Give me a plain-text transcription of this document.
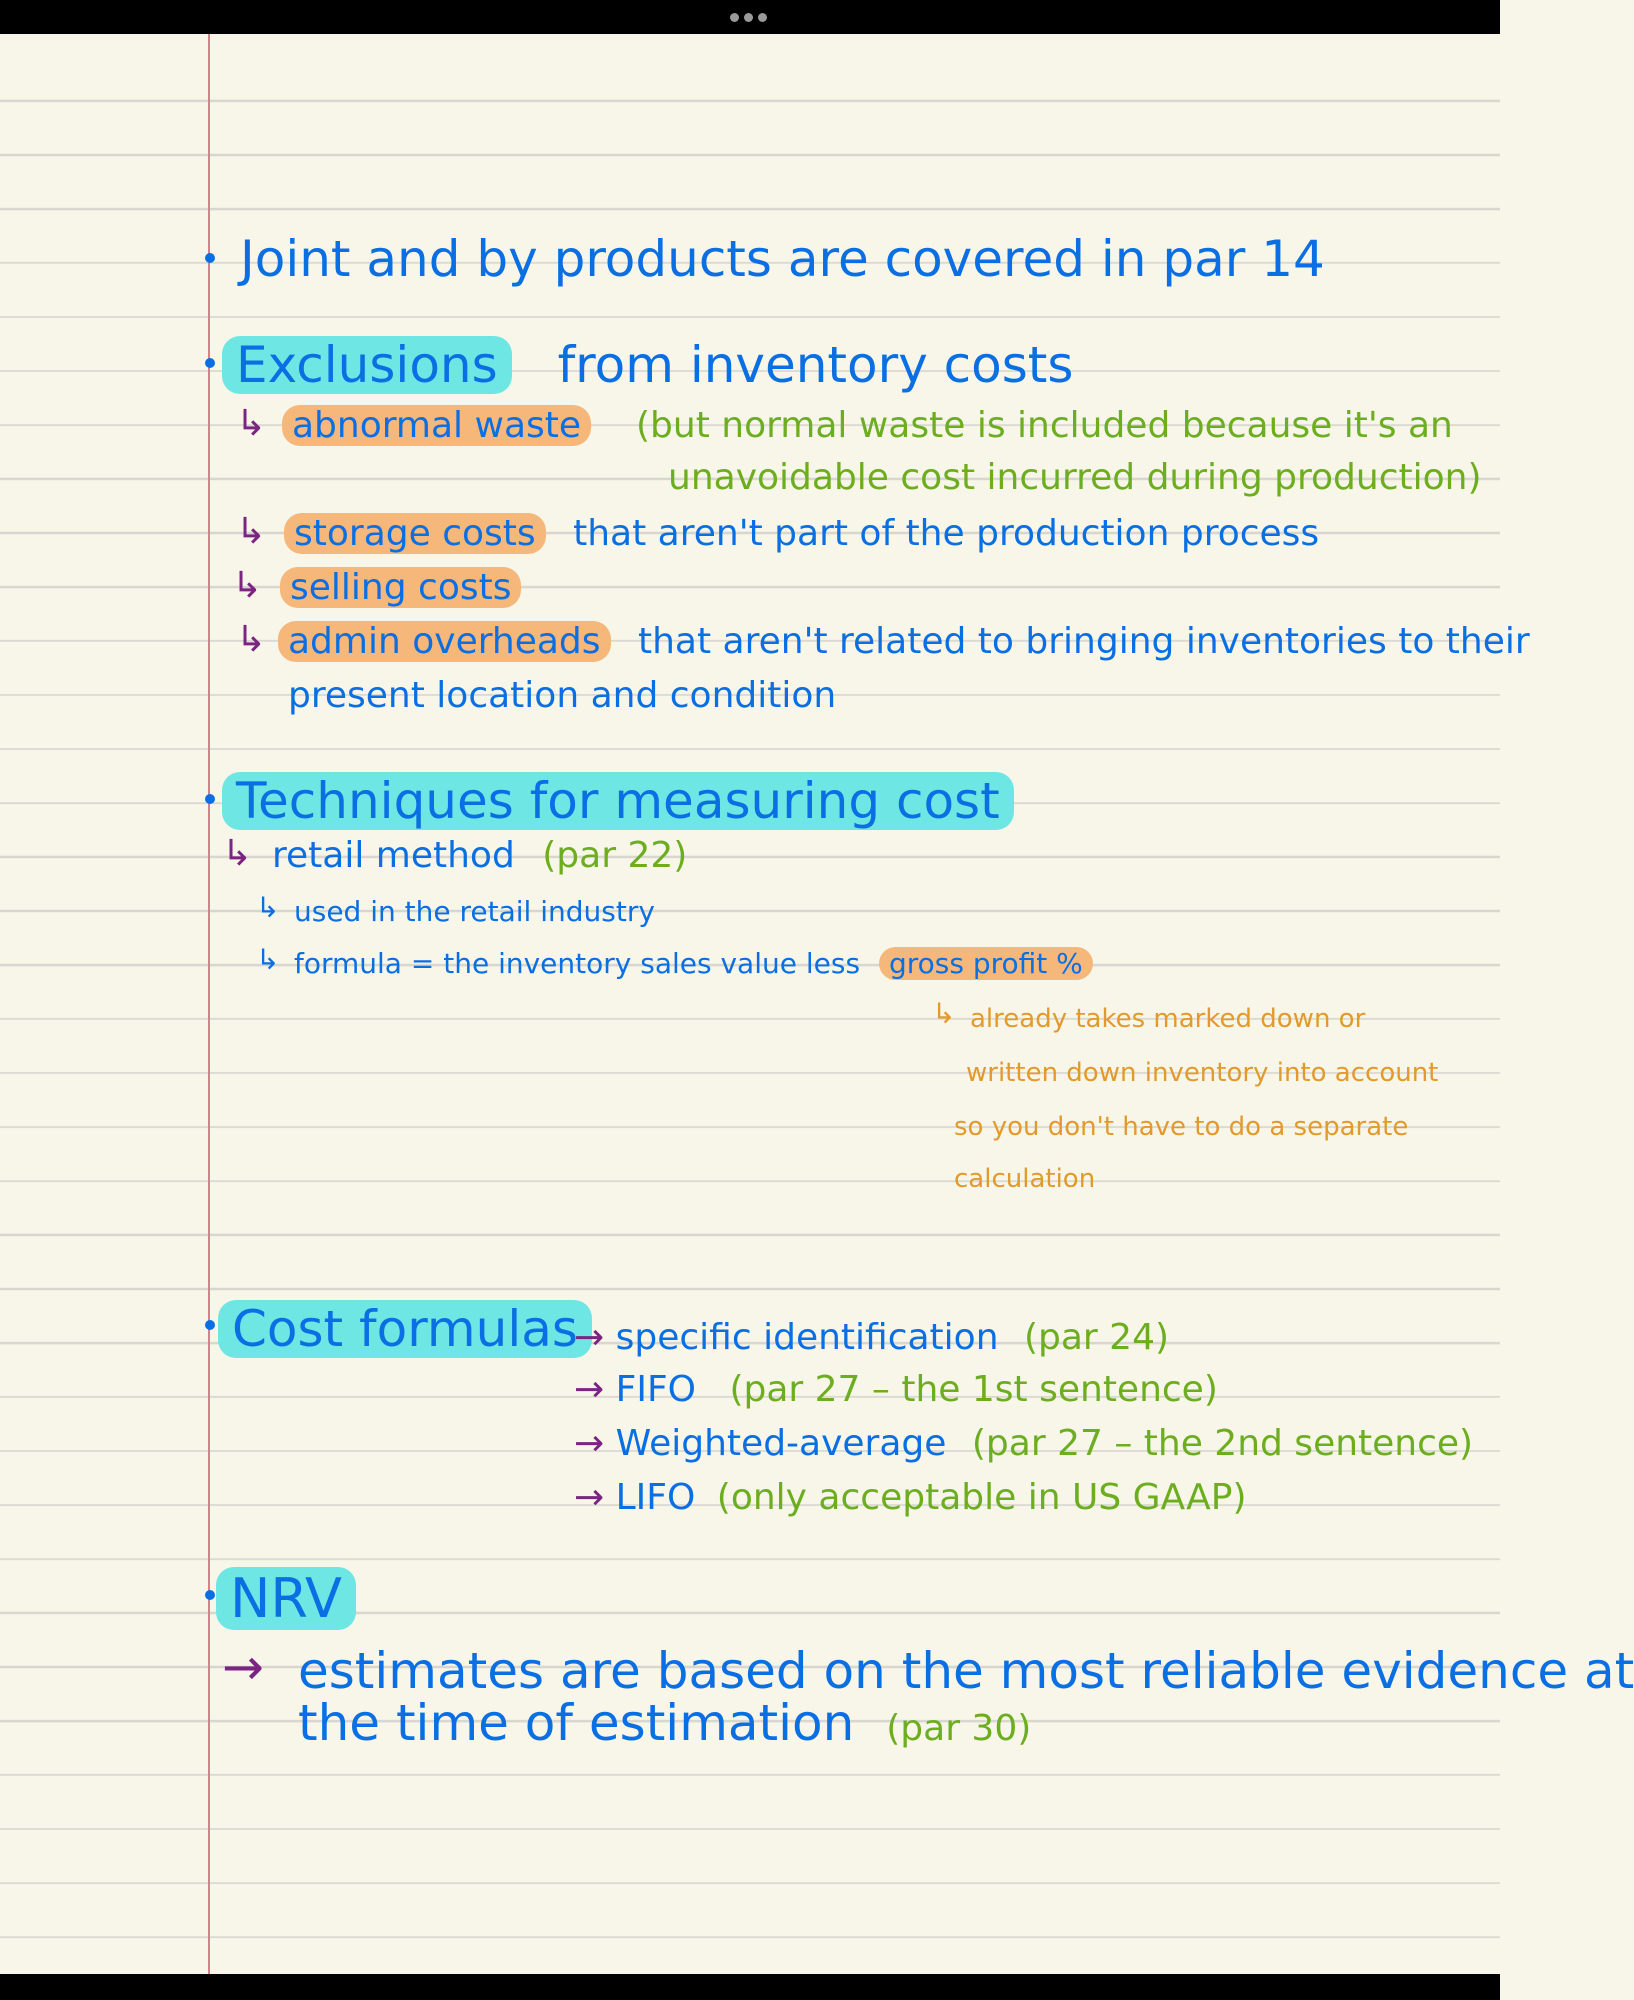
Joint and by products are covered in par 14
Exclusions from inventory costs
↳ abnormal waste (but normal waste is included because it's an
unavoidable cost incurred during production)
↳ storage costs that aren't part of the production process
↳ selling costs
↳ admin overheads that aren't related to bringing inventories to their
present location and condition
Techniques for measuring cost
↳ retail method (par 22)
↳ used in the retail industry
↳ formula = the inventory sales value less gross profit %
↳ already takes marked down or
written down inventory into account
so you don't have to do a separate
calculation
Cost formulas
→ specific identification (par 24)
→ FIFO (par 27 – the 1st sentence)
→ Weighted-average (par 27 – the 2nd sentence)
→ LIFO (only acceptable in US GAAP)
NRV
→ estimates are based on the most reliable evidence at
the time of estimation (par 30)
